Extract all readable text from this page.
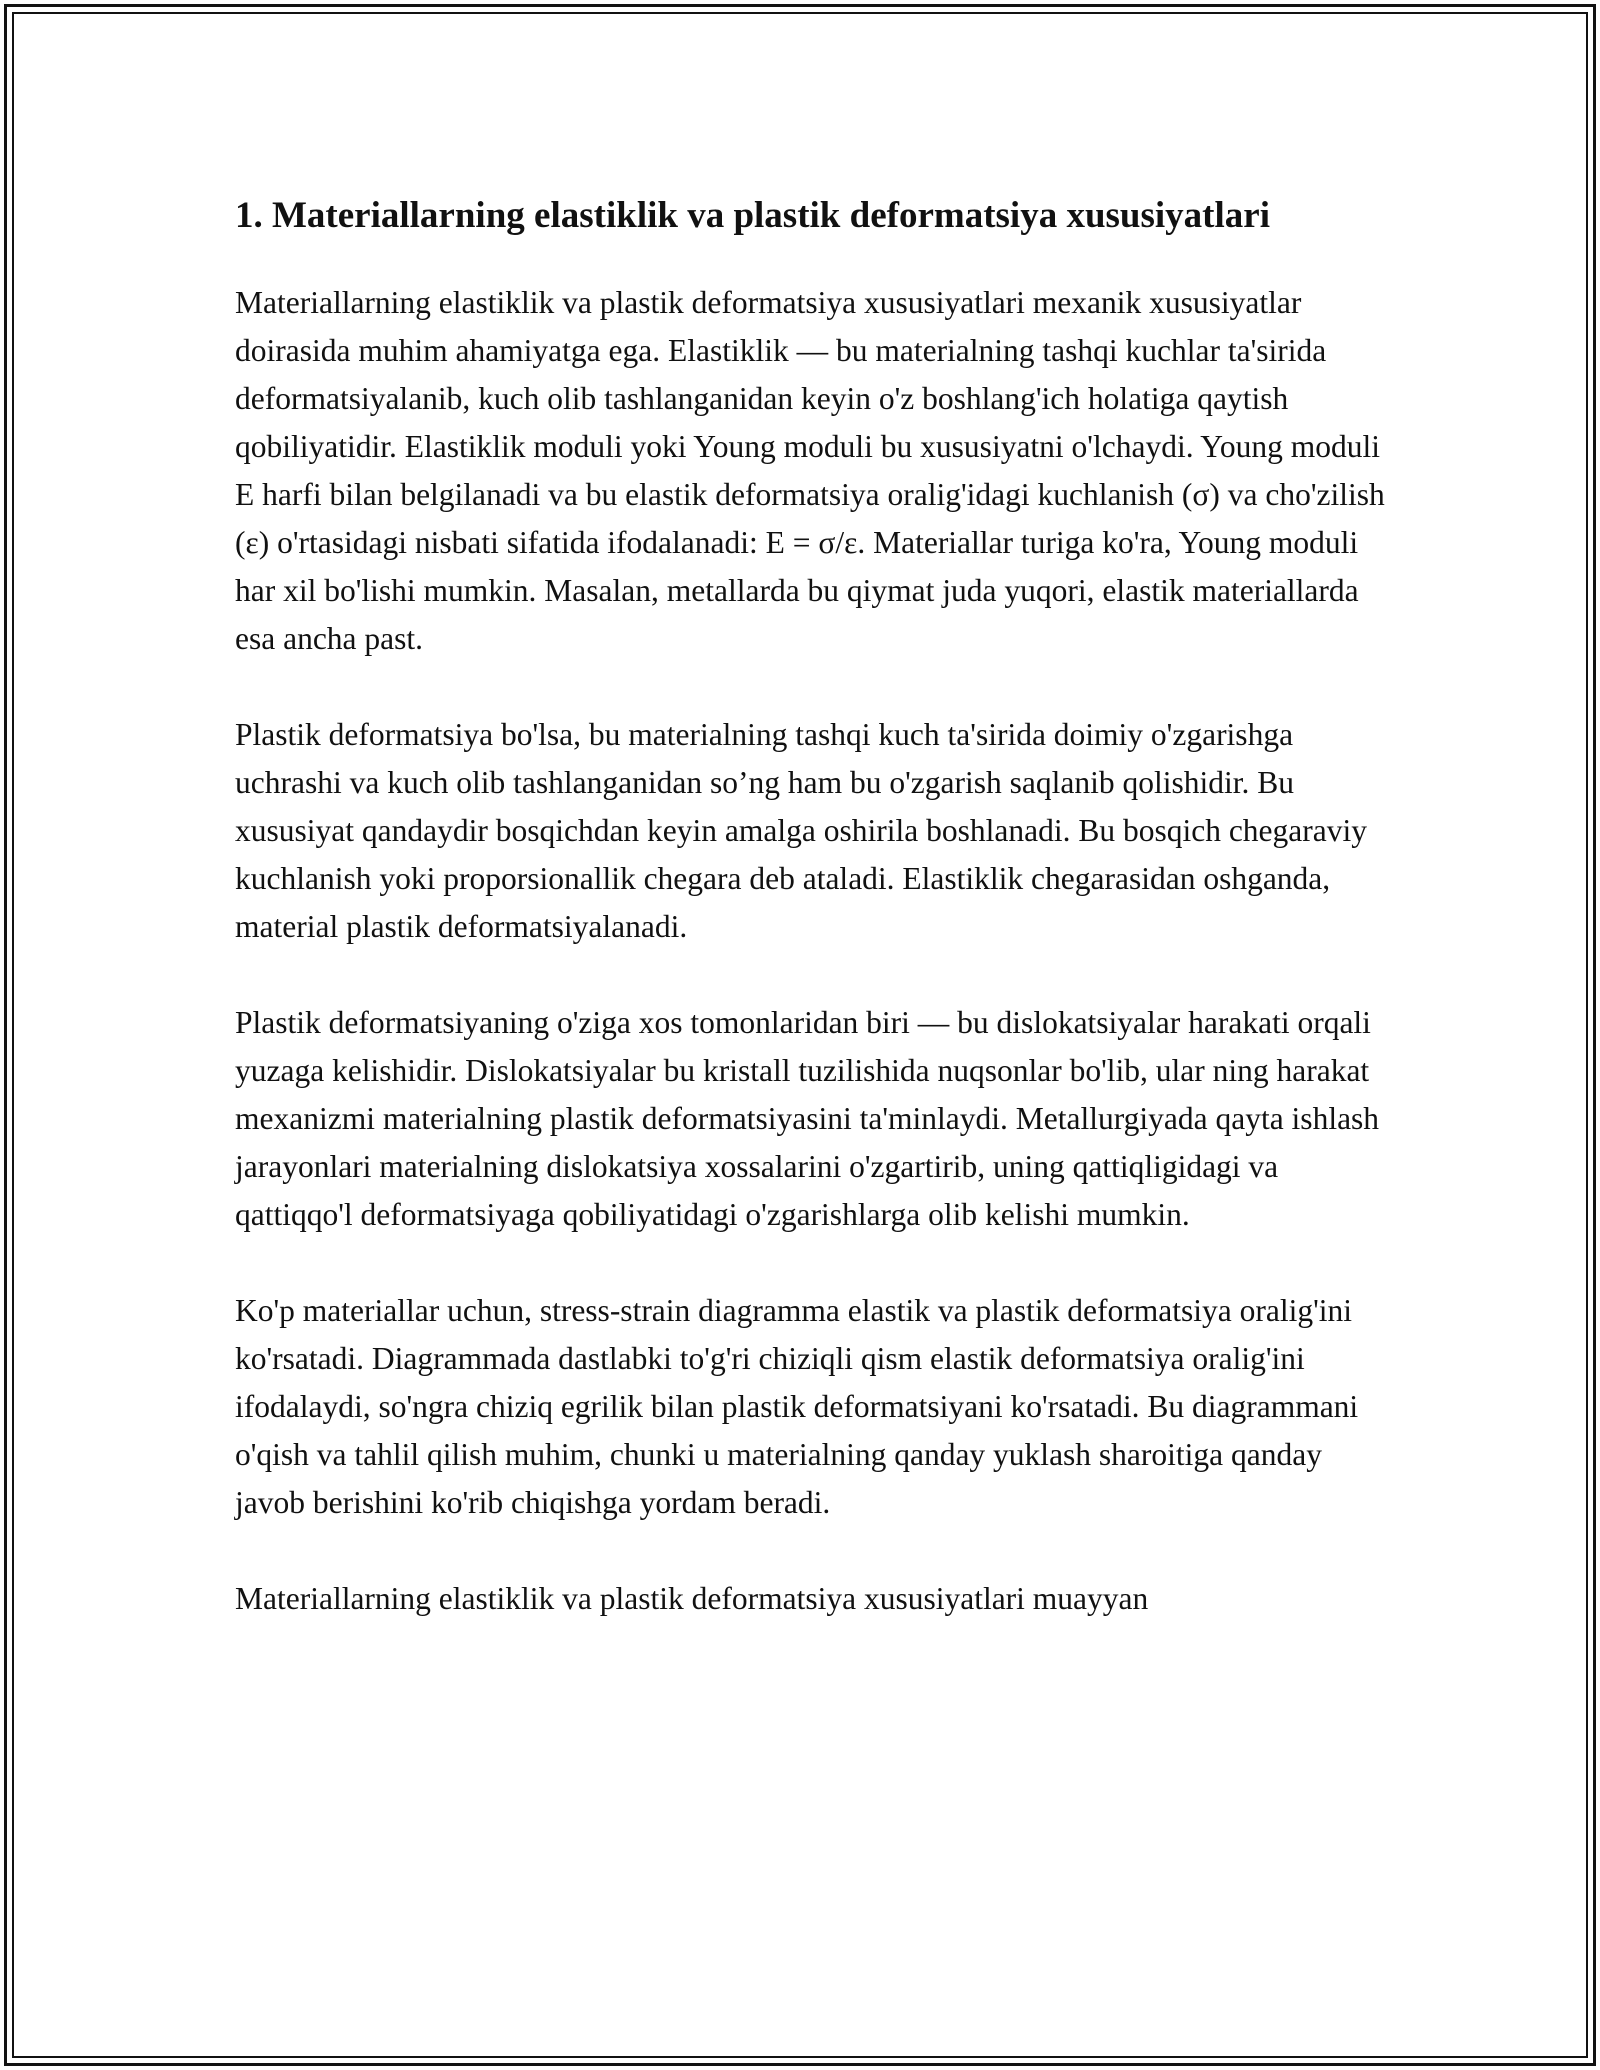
1. Materiallarning elastiklik va plastik deformatsiya xususiyatlari

Materiallarning elastiklik va plastik deformatsiya xususiyatlari mexanik xususiyatlar doirasida muhim ahamiyatga ega. Elastiklik — bu materialning tashqi kuchlar ta'sirida deformatsiyalanib, kuch olib tashlanganidan keyin o'z boshlang'ich holatiga qaytish qobiliyatidir. Elastiklik moduli yoki Young moduli bu xususiyatni o'lchaydi. Young moduli E harfi bilan belgilanadi va bu elastik deformatsiya oralig'idagi kuchlanish (σ) va cho'zilish (ε) o'rtasidagi nisbati sifatida ifodalanadi: E = σ/ε. Materiallar turiga ko'ra, Young moduli har xil bo'lishi mumkin. Masalan, metallarda bu qiymat juda yuqori, elastik materiallarda esa ancha past.

Plastik deformatsiya bo'lsa, bu materialning tashqi kuch ta'sirida doimiy o'zgarishga uchrashi va kuch olib tashlanganidan so’ng ham bu o'zgarish saqlanib qolishidir. Bu xususiyat qandaydir bosqichdan keyin amalga oshirila boshlanadi. Bu bosqich chegaraviy kuchlanish yoki proporsionallik chegara deb ataladi. Elastiklik chegarasidan oshganda, material plastik deformatsiyalanadi.

Plastik deformatsiyaning o'ziga xos tomonlaridan biri — bu dislokatsiyalar harakati orqali yuzaga kelishidir. Dislokatsiyalar bu kristall tuzilishida nuqsonlar bo'lib, ular ning harakat mexanizmi materialning plastik deformatsiyasini ta'minlaydi. Metallurgiyada qayta ishlash jarayonlari materialning dislokatsiya xossalarini o'zgartirib, uning qattiqligidagi va qattiqqo'l deformatsiyaga qobiliyatidagi o'zgarishlarga olib kelishi mumkin.

Ko'p materiallar uchun, stress-strain diagramma elastik va plastik deformatsiya oralig'ini ko'rsatadi. Diagrammada dastlabki to'g'ri chiziqli qism elastik deformatsiya oralig'ini ifodalaydi, so'ngra chiziq egrilik bilan plastik deformatsiyani ko'rsatadi. Bu diagrammani o'qish va tahlil qilish muhim, chunki u materialning qanday yuklash sharoitiga qanday javob berishini ko'rib chiqishga yordam beradi.

Materiallarning elastiklik va plastik deformatsiya xususiyatlari muayyan
